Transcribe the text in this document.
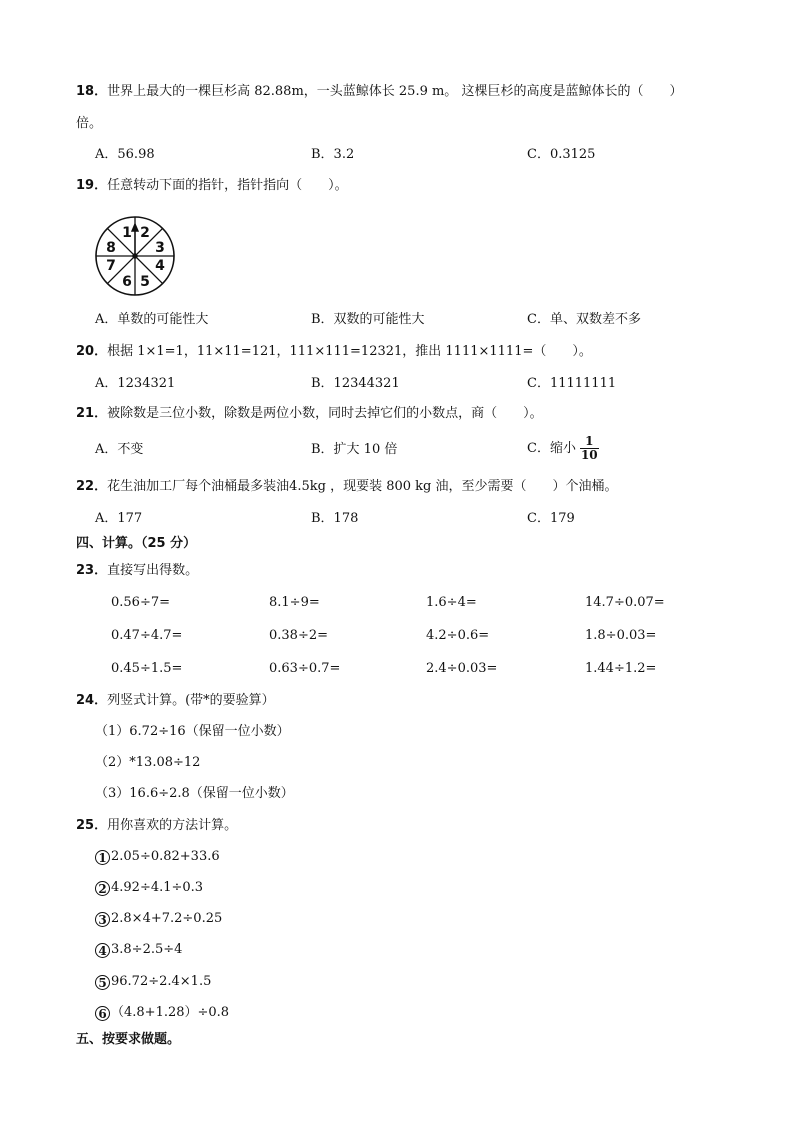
18．世界上最大的一棵巨杉高 82.88m，一头蓝鲸体长 25.9 m。 这棵巨杉的高度是蓝鲸体长的（　　）
倍。
A．56.98	B．3.2	C．0.3125
19．任意转动下面的指针，指针指向（　　）。
1 2
3
4
5
6
7
8
A．单数的可能性大	B．双数的可能性大	C．单、双数差不多
20．根据 1×1=1，11×11=121，111×111=12321，推出 1111×1111=（　　）。
A．1234321	B．12344321	C．11111111
21．被除数是三位小数，除数是两位小数，同时去掉它们的小数点，商（　　）。
A．不变	B．扩大 10 倍	C．缩小 $\frac{1}{10}$
22．花生油加工厂每个油桶最多装油4.5kg ，现要装 800 kg 油，至少需要（　　）个油桶。
A．177	B．178	C．179
四、计算。（25 分）
23．直接写出得数。
0.56÷7=	8.1÷9=	1.6÷4=	14.7÷0.07=
0.47÷4.7=	0.38÷2=	4.2÷0.6=	1.8÷0.03=
0.45÷1.5=	0.63÷0.7=	2.4÷0.03=	1.44÷1.2=
24．列竖式计算。(带*的要验算）
（1）6.72÷16（保留一位小数）
（2）*13.08÷12
（3）16.6÷2.8（保留一位小数）
25．用你喜欢的方法计算。
1 2.05÷0.82+33.6
2 4.92÷4.1÷0.3
3 2.8×4+7.2÷0.25
4 3.8÷2.5÷4
5 96.72÷2.4×1.5
6 （4.8+1.28）÷0.8
五、按要求做题。
